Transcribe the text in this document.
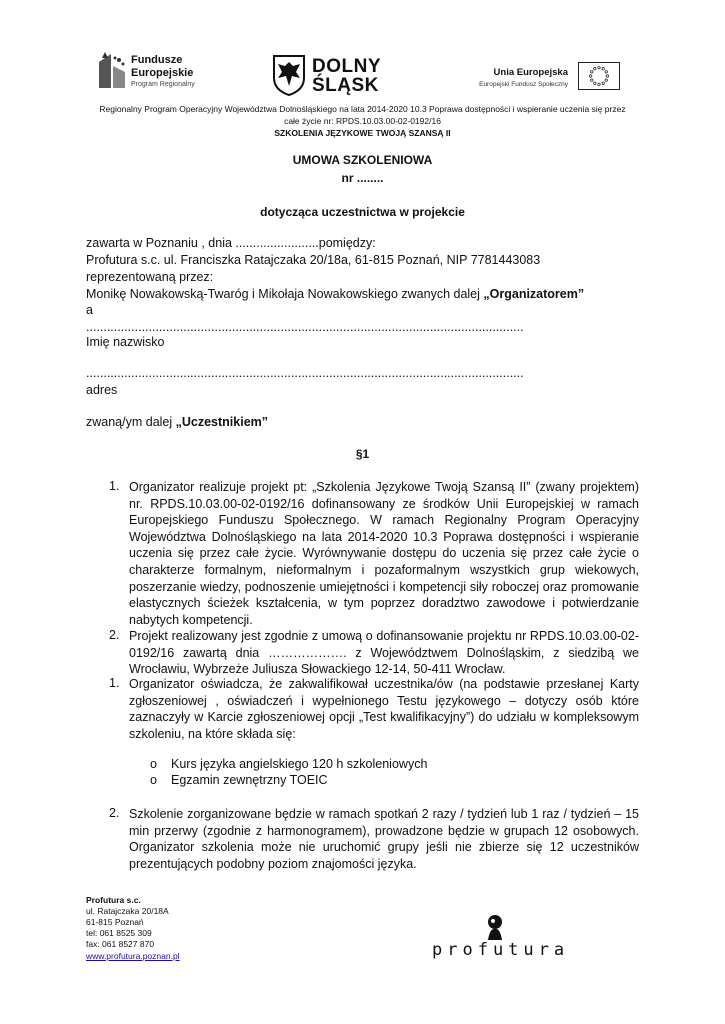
Fundusze
Europejskie
Program Regionalny
DOLNY
ŚLĄSK
Unia Europejska
Europejski Fundusz Społeczny
Regionalny Program Operacyjny Województwa Dolnośląskiego na lata 2014-2020 10.3 Poprawa dostępności i wspieranie uczenia się przez
całe życie nr: RPDS.10.03.00-02-0192/16
SZKOLENIA JĘZYKOWE TWOJĄ SZANSĄ II
UMOWA SZKOLENIOWA
nr ........
dotycząca uczestnictwa w projekcie
zawarta w Poznaniu , dnia ........................pomiędzy:
Profutura s.c. ul. Franciszka Ratajczaka 20/18a, 61-815 Poznań, NIP 7781443083
reprezentowaną przez:
Monikę Nowakowską-Twaróg i Mikołaja Nowakowskiego zwanych dalej „Organizatorem”
a
..............................................................................................................................
Imię nazwisko
..............................................................................................................................
adres
zwaną/ym dalej „Uczestnikiem”
§1
1. Organizator realizuje projekt pt: „Szkolenia Językowe Twoją Szansą II” (zwany projektem) nr. RPDS.10.03.00-02-0192/16 dofinansowany ze środków Unii Europejskiej w ramach Europejskiego Funduszu Społecznego. W ramach Regionalny Program Operacyjny Województwa Dolnośląskiego na lata 2014-2020 10.3 Poprawa dostępności i wspieranie uczenia się przez całe życie. Wyrównywanie dostępu do uczenia się przez całe życie o charakterze formalnym, nieformalnym i pozaformalnym wszystkich grup wiekowych, poszerzanie wiedzy, podnoszenie umiejętności i kompetencji siły roboczej oraz promowanie elastycznych ścieżek kształcenia, w tym poprzez doradztwo zawodowe i potwierdzanie nabytych kompetencji.
2. Projekt realizowany jest zgodnie z umową o dofinansowanie projektu nr RPDS.10.03.00-02-0192/16 zawartą dnia ………………. z Województwem Dolnośląskim, z siedzibą we Wrocławiu, Wybrzeże Juliusza Słowackiego 12-14, 50-411 Wrocław.
1. Organizator oświadcza, że zakwalifikował uczestnika/ów (na podstawie przesłanej Karty zgłoszeniowej , oświadczeń i wypełnionego Testu językowego – dotyczy osób które zaznaczyły w Karcie zgłoszeniowej opcji „Test kwalifikacyjny”) do udziału w kompleksowym szkoleniu, na które składa się:
o Kurs języka angielskiego 120 h szkoleniowych
o Egzamin zewnętrzny TOEIC
2. Szkolenie zorganizowane będzie w ramach spotkań 2 razy / tydzień lub 1 raz / tydzień – 15 min przerwy (zgodnie z harmonogramem), prowadzone będzie w grupach 12 osobowych. Organizator szkolenia może nie uruchomić grupy jeśli nie zbierze się 12 uczestników prezentujących podobny poziom znajomości języka.
Profutura s.c.
ul. Ratajczaka 20/18A
61-815 Poznań
tel: 061 8525 309
fax: 061 8527 870
www.profutura.poznan.pl	profutura
